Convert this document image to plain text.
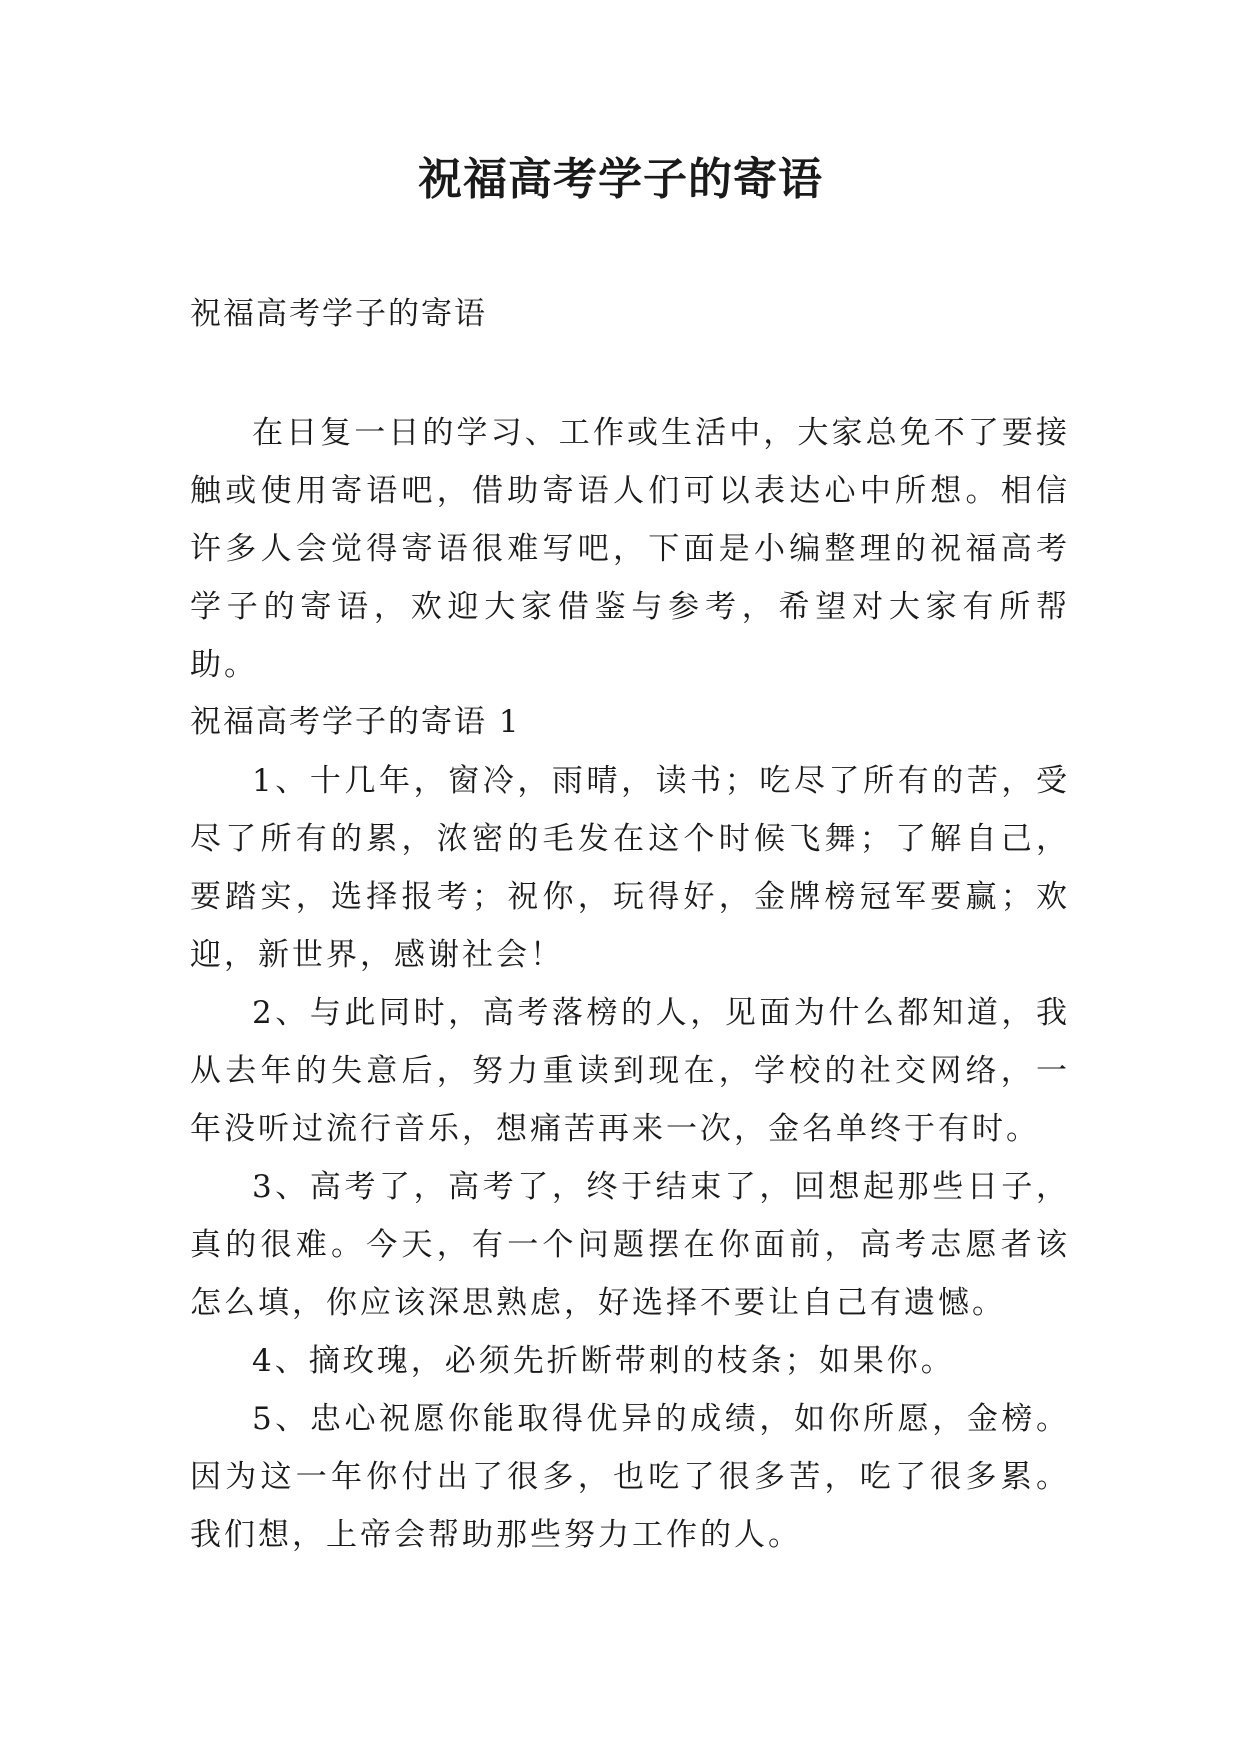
祝福高考学子的寄语
祝福高考学子的寄语

在日复一日的学习、工作或生活中，大家总免不了要接触或使用寄语吧，借助寄语人们可以表达心中所想。相信许多人会觉得寄语很难写吧，下面是小编整理的祝福高考学子的寄语，欢迎大家借鉴与参考，希望对大家有所帮助。

祝福高考学子的寄语 1

1、十几年，窗冷，雨晴，读书；吃尽了所有的苦，受尽了所有的累，浓密的毛发在这个时候飞舞；了解自己，要踏实，选择报考；祝你，玩得好，金牌榜冠军要赢；欢迎，新世界，感谢社会！

2、与此同时，高考落榜的人，见面为什么都知道，我从去年的失意后，努力重读到现在，学校的社交网络，一年没听过流行音乐，想痛苦再来一次，金名单终于有时。

3、高考了，高考了，终于结束了，回想起那些日子，真的很难。今天，有一个问题摆在你面前，高考志愿者该怎么填，你应该深思熟虑，好选择不要让自己有遗憾。

4、摘玫瑰，必须先折断带刺的枝条；如果你。

5、忠心祝愿你能取得优异的成绩，如你所愿，金榜。因为这一年你付出了很多，也吃了很多苦，吃了很多累。我们想，上帝会帮助那些努力工作的人。
